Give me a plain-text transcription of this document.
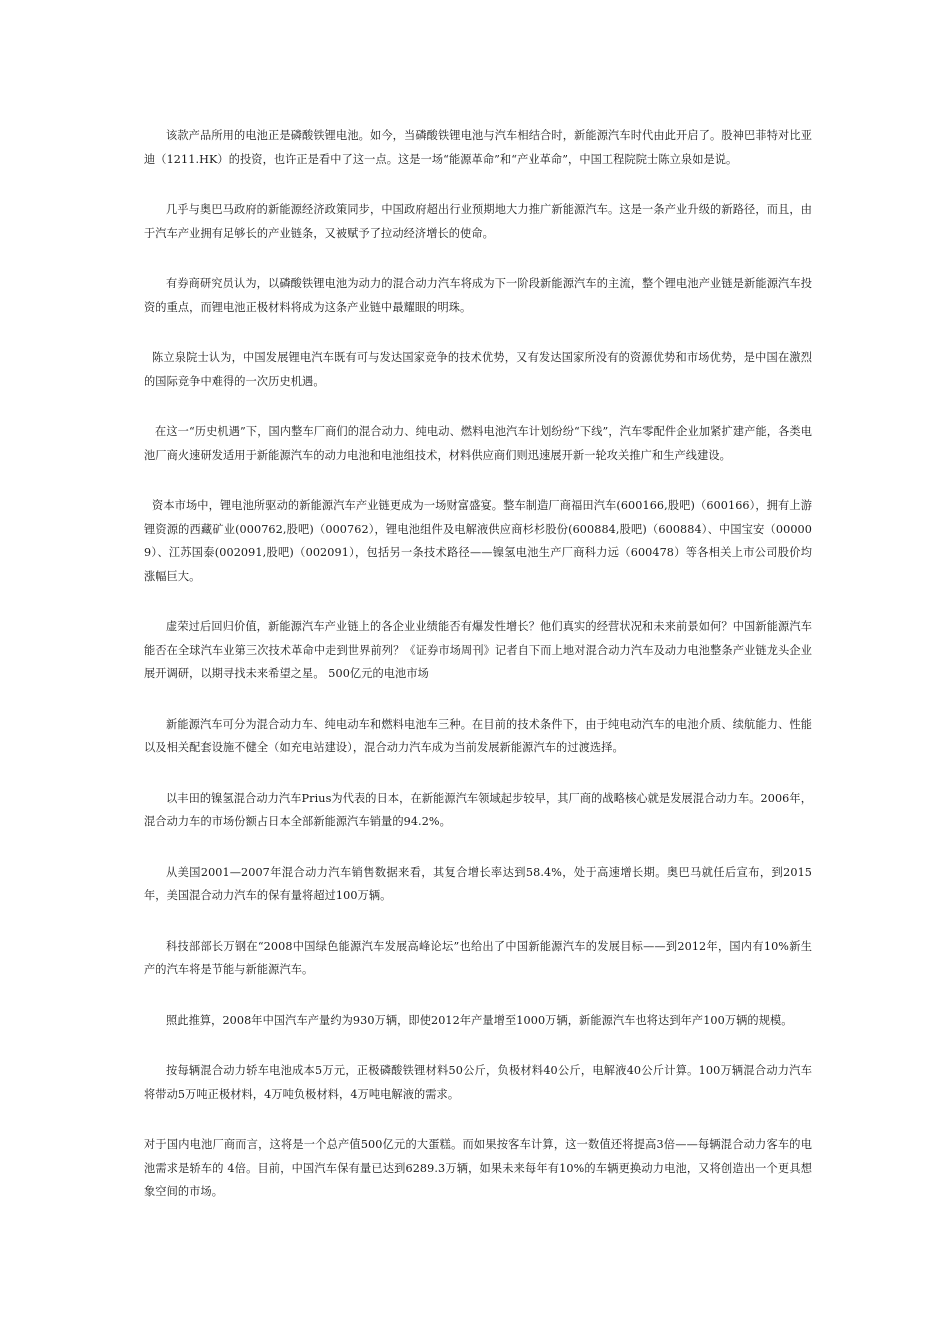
该款产品所用的电池正是磷酸铁锂电池。如今，当磷酸铁锂电池与汽车相结合时，新能源汽车时代由此开启了。股神巴菲特对比亚迪（1211.HK）的投资，也许正是看中了这一点。这是一场“能源革命”和“产业革命”，中国工程院院士陈立泉如是说。

几乎与奥巴马政府的新能源经济政策同步，中国政府超出行业预期地大力推广新能源汽车。这是一条产业升级的新路径，而且，由于汽车产业拥有足够长的产业链条，又被赋予了拉动经济增长的使命。

有券商研究员认为，以磷酸铁锂电池为动力的混合动力汽车将成为下一阶段新能源汽车的主流，整个锂电池产业链是新能源汽车投资的重点，而锂电池正极材料将成为这条产业链中最耀眼的明珠。

陈立泉院士认为，中国发展锂电汽车既有可与发达国家竞争的技术优势，又有发达国家所没有的资源优势和市场优势，是中国在激烈的国际竞争中难得的一次历史机遇。

在这一“历史机遇”下，国内整车厂商们的混合动力、纯电动、燃料电池汽车计划纷纷“下线”，汽车零配件企业加紧扩建产能，各类电池厂商火速研发适用于新能源汽车的动力电池和电池组技术，材料供应商们则迅速展开新一轮攻关推广和生产线建设。

资本市场中，锂电池所驱动的新能源汽车产业链更成为一场财富盛宴。整车制造厂商福田汽车(600166,股吧)（600166），拥有上游锂资源的西藏矿业(000762,股吧)（000762），锂电池组件及电解液供应商杉杉股份(600884,股吧)（600884）、中国宝安（000009）、江苏国泰(002091,股吧)（002091），包括另一条技术路径——镍氢电池生产厂商科力远（600478）等各相关上市公司股价均涨幅巨大。

虚荣过后回归价值，新能源汽车产业链上的各企业业绩能否有爆发性增长？他们真实的经营状况和未来前景如何？中国新能源汽车能否在全球汽车业第三次技术革命中走到世界前列？《证券市场周刊》记者自下而上地对混合动力汽车及动力电池整条产业链龙头企业展开调研，以期寻找未来希望之星。 500亿元的电池市场

新能源汽车可分为混合动力车、纯电动车和燃料电池车三种。在目前的技术条件下，由于纯电动汽车的电池介质、续航能力、性能以及相关配套设施不健全（如充电站建设），混合动力汽车成为当前发展新能源汽车的过渡选择。

以丰田的镍氢混合动力汽车Prius为代表的日本，在新能源汽车领域起步较早，其厂商的战略核心就是发展混合动力车。2006年，混合动力车的市场份额占日本全部新能源汽车销量的94.2%。

从美国2001—2007年混合动力汽车销售数据来看，其复合增长率达到58.4%，处于高速增长期。奥巴马就任后宣布，到2015年，美国混合动力汽车的保有量将超过100万辆。

科技部部长万钢在“2008中国绿色能源汽车发展高峰论坛”也给出了中国新能源汽车的发展目标——到2012年，国内有10%新生产的汽车将是节能与新能源汽车。

照此推算，2008年中国汽车产量约为930万辆，即使2012年产量增至1000万辆，新能源汽车也将达到年产100万辆的规模。

按每辆混合动力轿车电池成本5万元，正极磷酸铁锂材料50公斤，负极材料40公斤，电解液40公斤计算。100万辆混合动力汽车将带动5万吨正极材料，4万吨负极材料，4万吨电解液的需求。

对于国内电池厂商而言，这将是一个总产值500亿元的大蛋糕。而如果按客车计算，这一数值还将提高3倍——每辆混合动力客车的电池需求是轿车的 4倍。目前，中国汽车保有量已达到6289.3万辆，如果未来每年有10%的车辆更换动力电池，又将创造出一个更具想象空间的市场。
